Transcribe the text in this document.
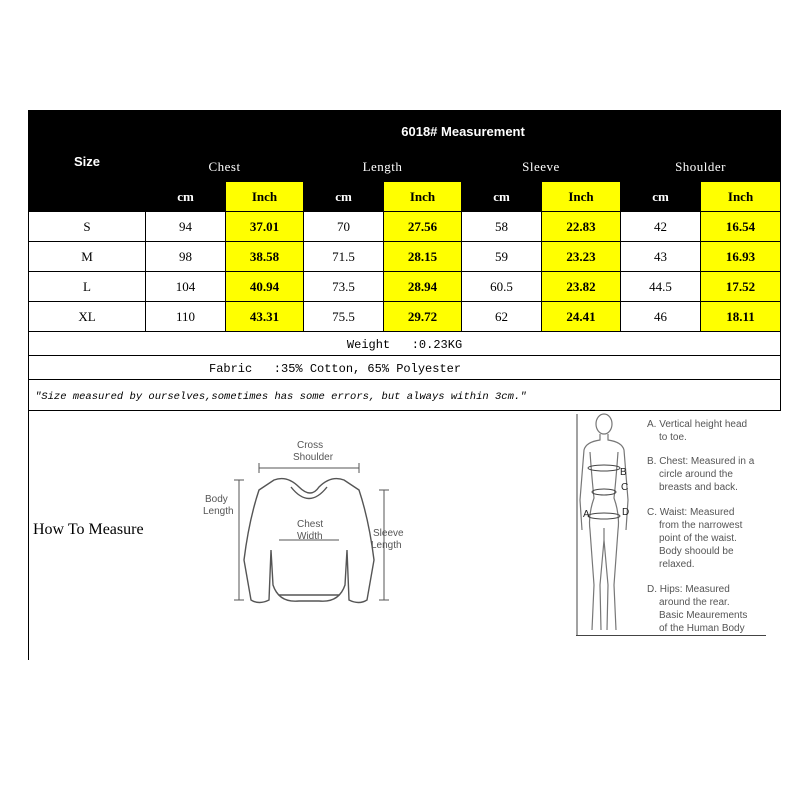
Size	6018# Measurement							
	Chest		Length		Sleeve		Shoulder	
	cm	Inch	cm	Inch	cm	Inch	cm	Inch
S	94	37.01	70	27.56	58	22.83	42	16.54
M	98	38.58	71.5	28.15	59	23.23	43	16.93
L	104	40.94	73.5	28.94	60.5	23.82	44.5	17.52
XL	110	43.31	75.5	29.72	62	24.41	46	18.11
Weight   :0.23KG								
Fabric   :35% Cotton, 65% Polyester								
"Size measured by ourselves,sometimes has some errors, but always within 3cm."								
How To Measure
Cross
Shoulder
Body
Length
Chest
Width	Sleeve
Length
A
B
C
D
A. Vertical height head
to toe.
B. Chest: Measured in a
circle around the
breasts and back.
C. Waist: Measured
from the narrowest
point of the waist.
Body shoould be
relaxed.
D. Hips: Measured
around the rear.
Basic Meaurements
of the Human Body
